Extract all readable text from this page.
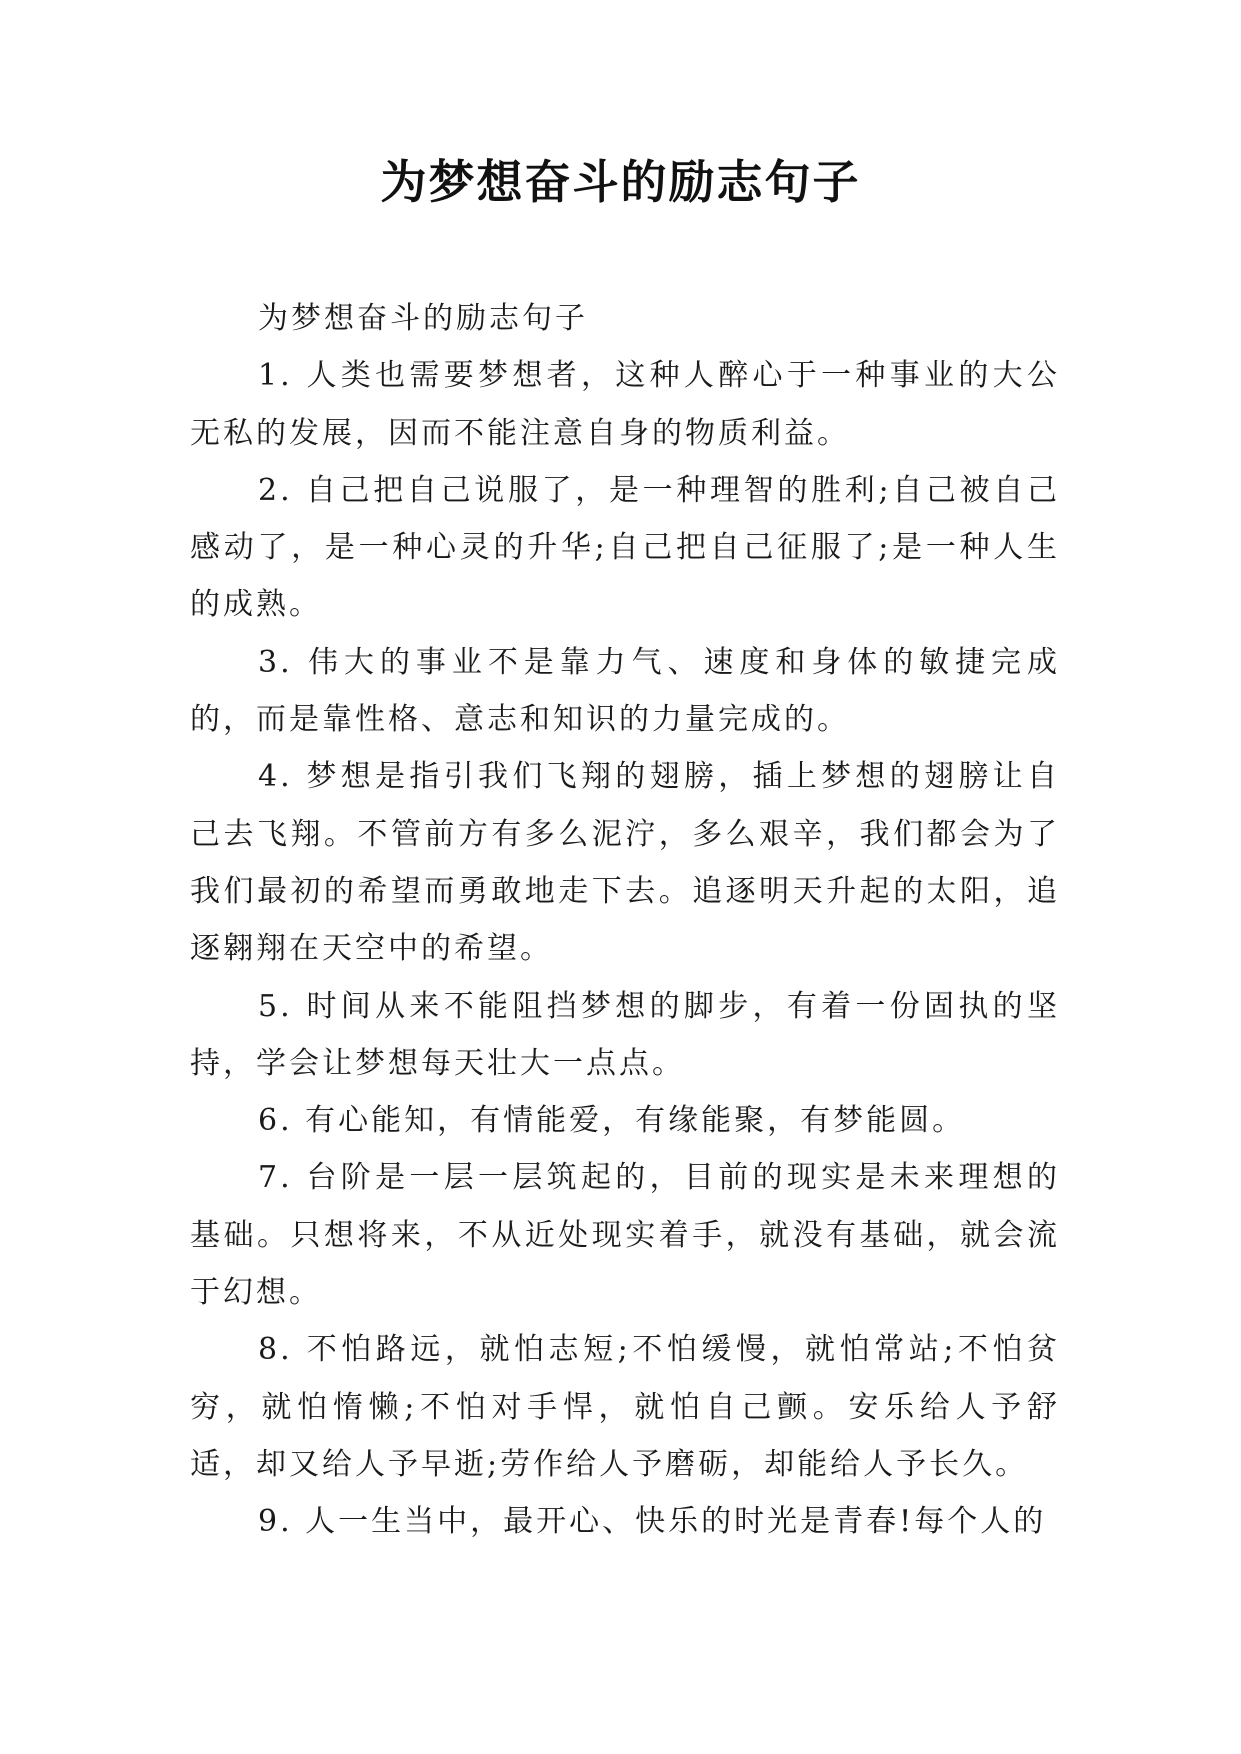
为梦想奋斗的励志句子

为梦想奋斗的励志句子

1. 人类也需要梦想者，这种人醉心于一种事业的大公无私的发展，因而不能注意自身的物质利益。

2. 自己把自己说服了，是一种理智的胜利;自己被自己感动了，是一种心灵的升华;自己把自己征服了;是一种人生的成熟。

3. 伟大的事业不是靠力气、速度和身体的敏捷完成的，而是靠性格、意志和知识的力量完成的。

4. 梦想是指引我们飞翔的翅膀，插上梦想的翅膀让自己去飞翔。不管前方有多么泥泞，多么艰辛，我们都会为了我们最初的希望而勇敢地走下去。追逐明天升起的太阳，追逐翱翔在天空中的希望。

5. 时间从来不能阻挡梦想的脚步，有着一份固执的坚持，学会让梦想每天壮大一点点。

6. 有心能知，有情能爱，有缘能聚，有梦能圆。

7. 台阶是一层一层筑起的，目前的现实是未来理想的基础。只想将来，不从近处现实着手，就没有基础，就会流于幻想。

8. 不怕路远，就怕志短;不怕缓慢，就怕常站;不怕贫穷，就怕惰懒;不怕对手悍，就怕自己颤。安乐给人予舒适，却又给人予早逝;劳作给人予磨砺，却能给人予长久。

9. 人一生当中，最开心、快乐的时光是青春!每个人的
